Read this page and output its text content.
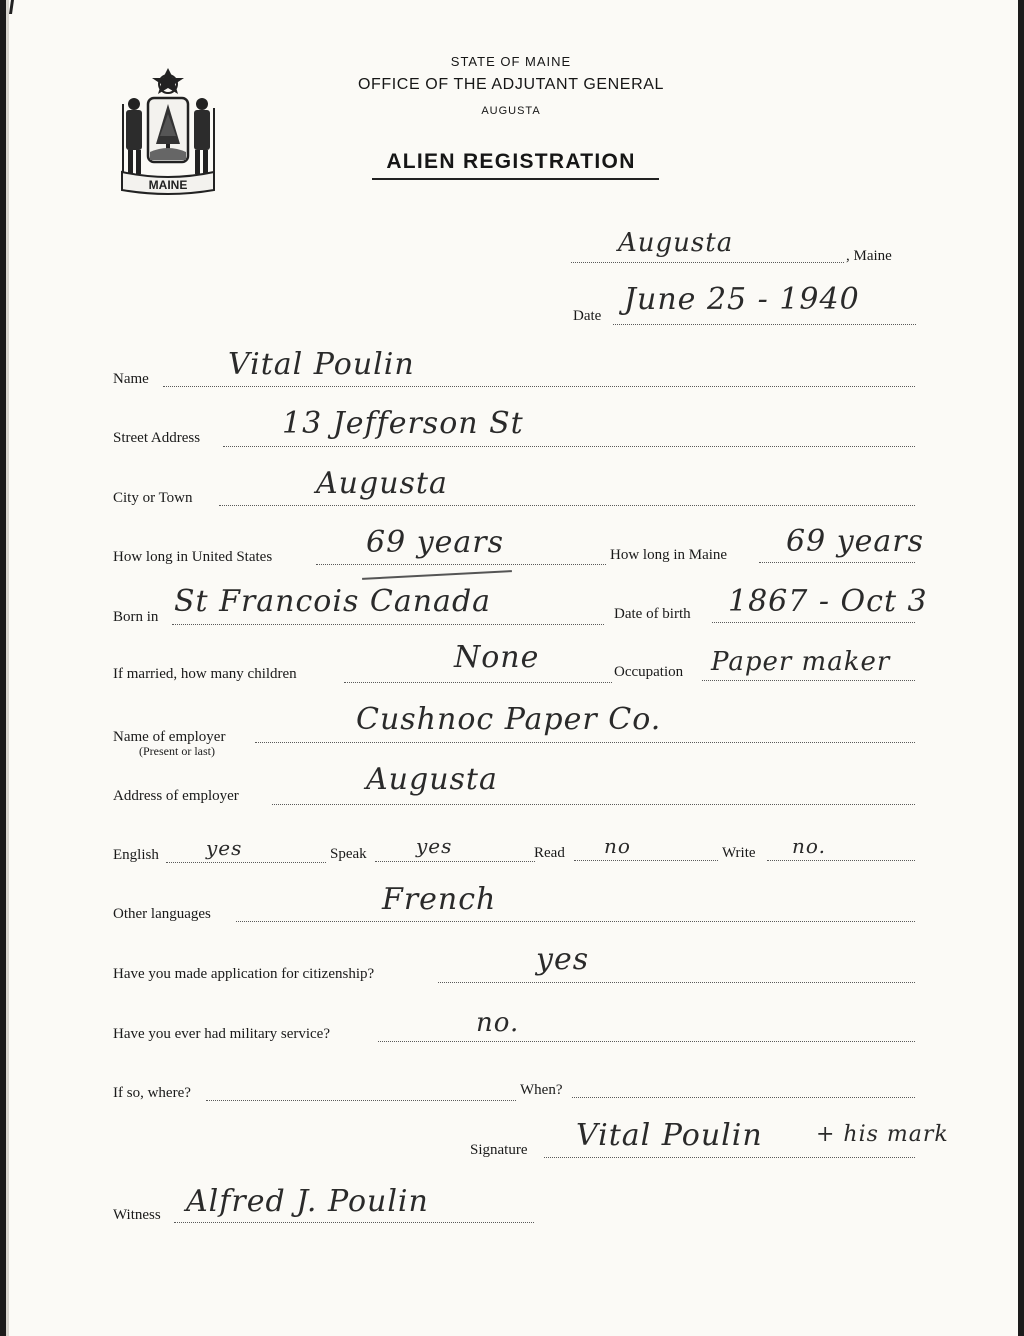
MAINE
STATE OF MAINE
OFFICE OF THE ADJUTANT GENERAL
AUGUSTA
ALIEN REGISTRATION
Augusta	, Maine
Date June 25 - 1940
Name	Vital Poulin
Street Address	13 Jefferson St
City or Town	Augusta
How long in United States	69 years	How long in Maine 69 years
Born in St Francois Canada	Date of birth 1867 - Oct 3
If married, how many children	None	Occupation Paper maker
Name of employer
(Present or last)
Cushnoc Paper Co.
Address of employer	Augusta
English yes	Speak yes	Read no	Write no.
Other languages	French
Have you made application for citizenship?	yes
Have you ever had military service?	no.
If so, where?	When?
Signature Vital Poulin + his mark
Witness Alfred J. Poulin
